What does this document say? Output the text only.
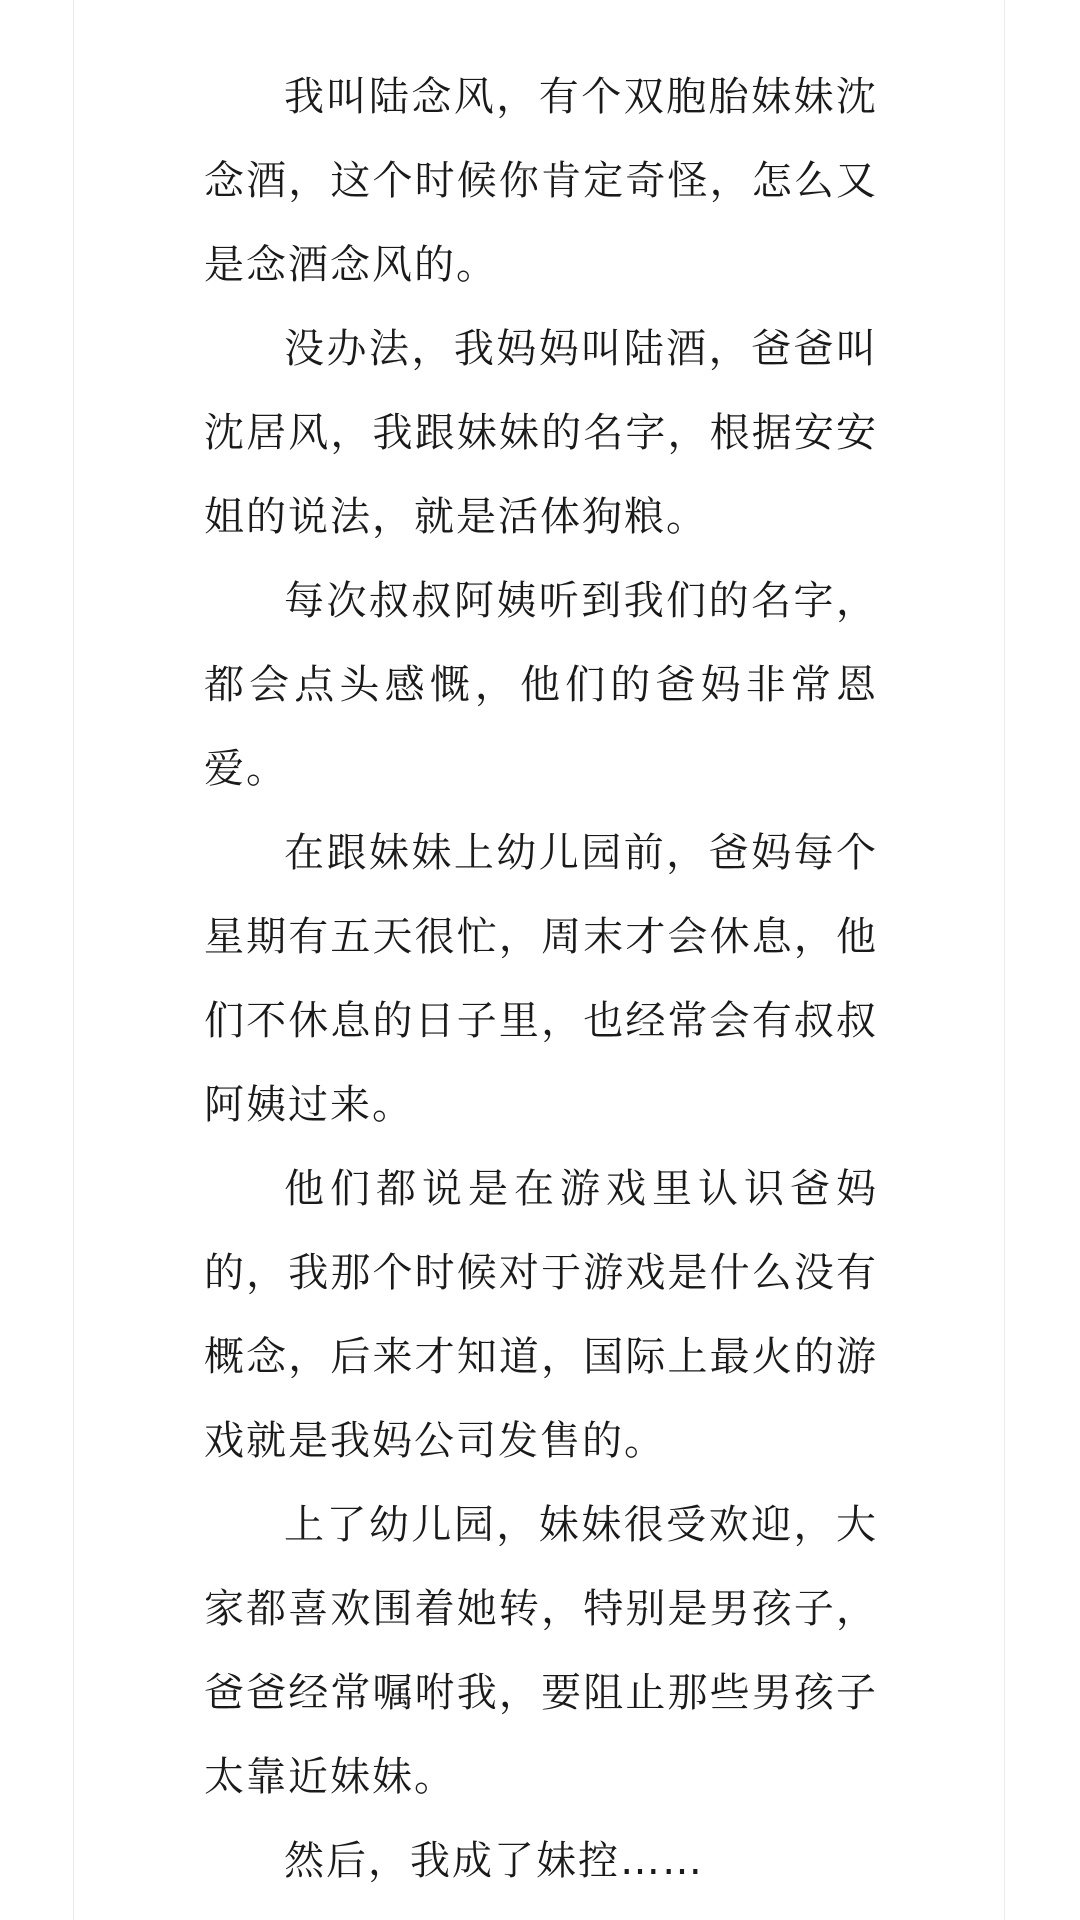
我叫陆念风，有个双胞胎妹妹沈念酒，这个时候你肯定奇怪，怎么又是念酒念风的。

没办法，我妈妈叫陆酒，爸爸叫沈居风，我跟妹妹的名字，根据安安姐的说法，就是活体狗粮。

每次叔叔阿姨听到我们的名字，都会点头感慨，他们的爸妈非常恩爱。

在跟妹妹上幼儿园前，爸妈每个星期有五天很忙，周末才会休息，他们不休息的日子里，也经常会有叔叔阿姨过来。

他们都说是在游戏里认识爸妈的，我那个时候对于游戏是什么没有概念，后来才知道，国际上最火的游戏就是我妈公司发售的。

上了幼儿园，妹妹很受欢迎，大家都喜欢围着她转，特别是男孩子，爸爸经常嘱咐我，要阻止那些男孩子太靠近妹妹。

然后，我成了妹控……
